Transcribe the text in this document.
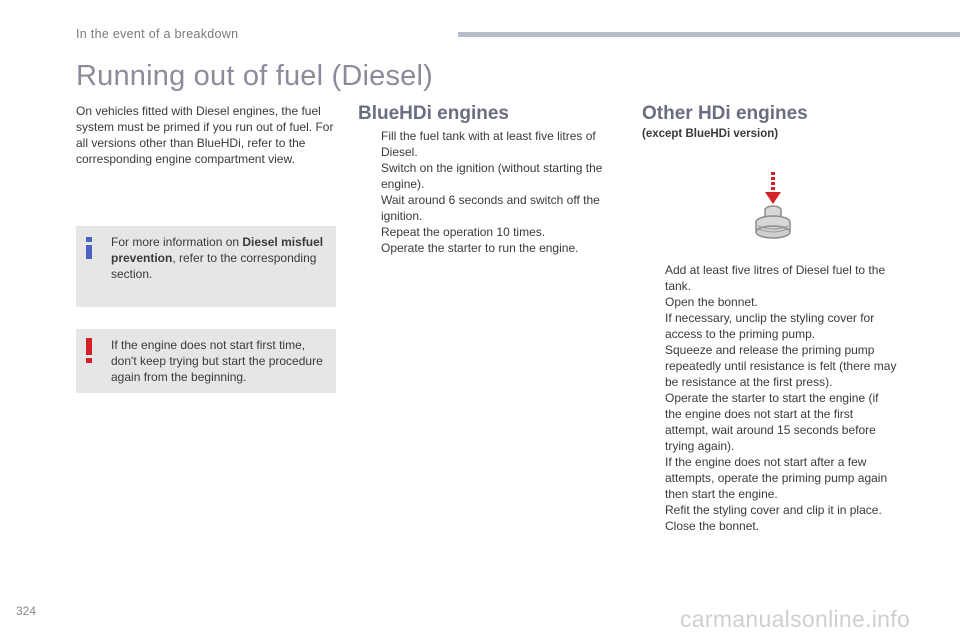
In the event of a breakdown
Running out of fuel (Diesel)
On vehicles fitted with Diesel engines, the fuel system must be primed if you run out of fuel. For all versions other than BlueHDi, refer to the corresponding engine compartment view.
For more information on Diesel misfuel prevention, refer to the corresponding section.
If the engine does not start first time, don't keep trying but start the procedure again from the beginning.
BlueHDi engines
Fill the fuel tank with at least five litres of Diesel.
Switch on the ignition (without starting the engine).
Wait around 6 seconds and switch off the ignition.
Repeat the operation 10 times.
Operate the starter to run the engine.
Other HDi engines
(except BlueHDi version)
Add at least five litres of Diesel fuel to the tank.
Open the bonnet.
If necessary, unclip the styling cover for access to the priming pump.
Squeeze and release the priming pump repeatedly until resistance is felt (there may be resistance at the first press).
Operate the starter to start the engine (if the engine does not start at the first attempt, wait around 15 seconds before trying again).
If the engine does not start after a few attempts, operate the priming pump again then start the engine.
Refit the styling cover and clip it in place.
Close the bonnet.
324	carmanualsonline.info
